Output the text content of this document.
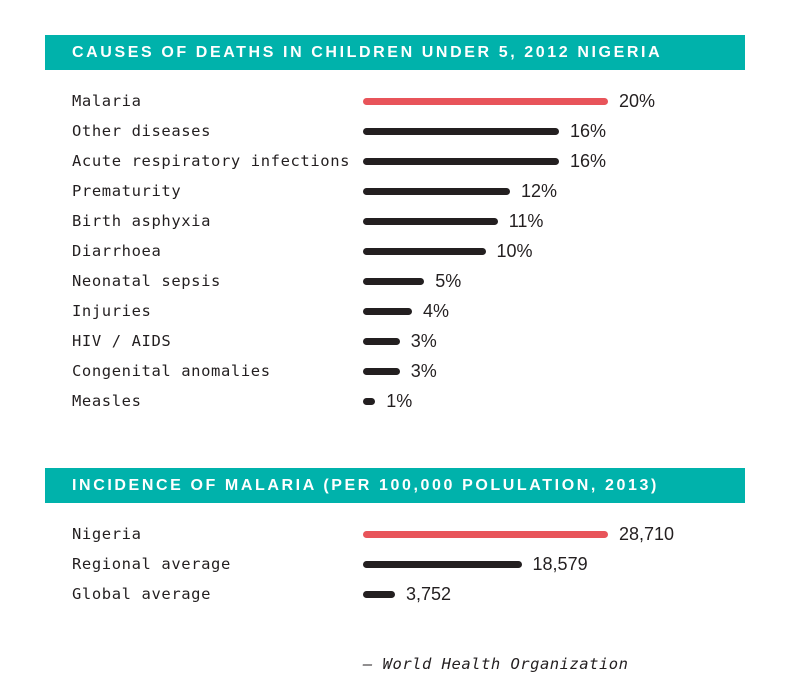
CAUSES OF DEATHS IN CHILDREN UNDER 5, 2012 NIGERIA
Malaria	20%
Other diseases	16%
Acute respiratory infections	16%
Prematurity	12%
Birth asphyxia	11%
Diarrhoea	10%
Neonatal sepsis	5%
Injuries	4%
HIV / AIDS	3%
Congenital anomalies	3%
Measles	1%
INCIDENCE OF MALARIA (PER 100,000 POLULATION, 2013)
Nigeria	28,710
Regional average	18,579
Global average	3,752
— World Health Organization
